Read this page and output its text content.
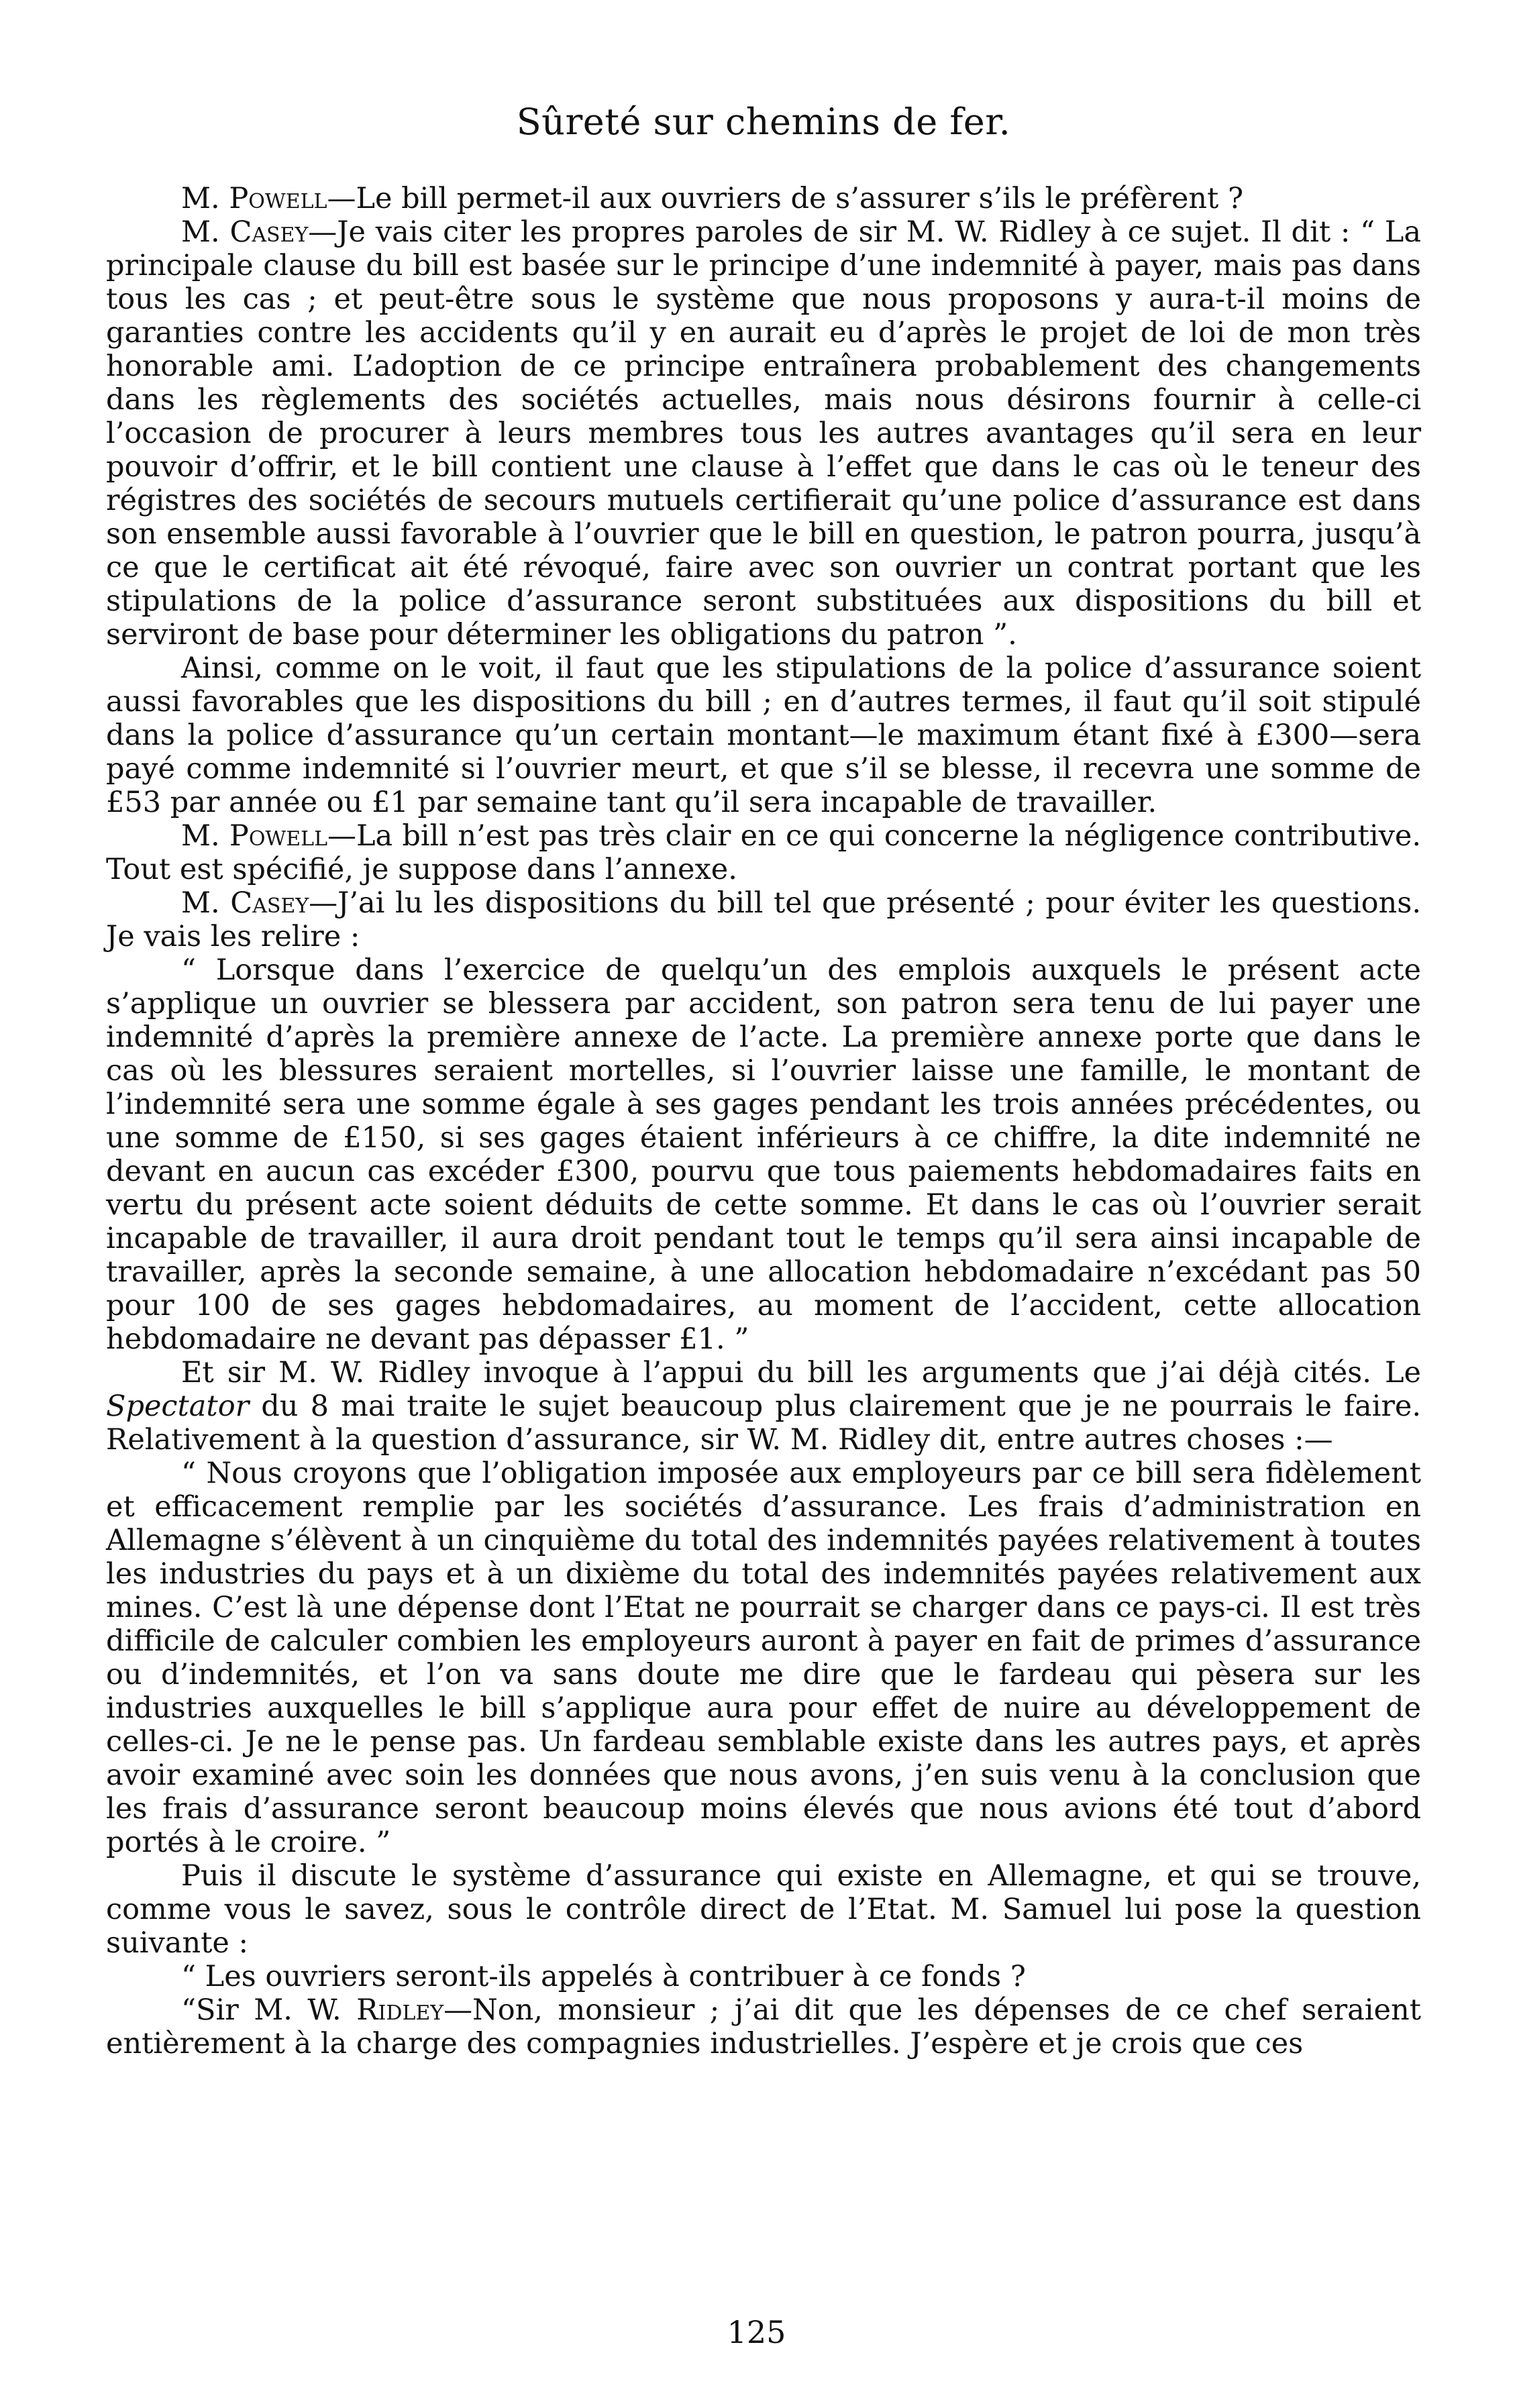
Sûreté sur chemins de fer.

M. Powell—Le bill permet-il aux ouvriers de s’assurer s’ils le préfèrent ?

M. Casey—Je vais citer les propres paroles de sir M. W. Ridley à ce sujet. Il dit : “ La principale clause du bill est basée sur le principe d’une indemnité à payer, mais pas dans tous les cas ; et peut-être sous le système que nous proposons y aura-t-il moins de garanties contre les accidents qu’il y en aurait eu d’après le projet de loi de mon très honorable ami. L’adoption de ce principe entraînera probablement des changements dans les règlements des sociétés actuelles, mais nous désirons fournir à celle-ci l’occasion de procurer à leurs membres tous les autres avantages qu’il sera en leur pouvoir d’offrir, et le bill contient une clause à l’effet que dans le cas où le teneur des régistres des sociétés de secours mutuels certifierait qu’une police d’assurance est dans son ensemble aussi favorable à l’ouvrier que le bill en question, le patron pourra, jusqu’à ce que le certificat ait été révoqué, faire avec son ouvrier un contrat portant que les stipulations de la police d’assurance seront substituées aux dispositions du bill et serviront de base pour déterminer les obligations du patron ”.

Ainsi, comme on le voit, il faut que les stipulations de la police d’assurance soient aussi favorables que les dispositions du bill ; en d’autres termes, il faut qu’il soit stipulé dans la police d’assurance qu’un certain montant—le maximum étant fixé à £300—sera payé comme indemnité si l’ouvrier meurt, et que s’il se blesse, il recevra une somme de £53 par année ou £1 par semaine tant qu’il sera incapable de travailler.

M. Powell—La bill n’est pas très clair en ce qui concerne la négligence contributive. Tout est spécifié, je suppose dans l’annexe.

M. Casey—J’ai lu les dispositions du bill tel que présenté ; pour éviter les questions. Je vais les relire :

“ Lorsque dans l’exercice de quelqu’un des emplois auxquels le présent acte s’applique un ouvrier se blessera par accident, son patron sera tenu de lui payer une indemnité d’après la première annexe de l’acte. La première annexe porte que dans le cas où les blessures seraient mortelles, si l’ouvrier laisse une famille, le montant de l’indemnité sera une somme égale à ses gages pendant les trois années précédentes, ou une somme de £150, si ses gages étaient inférieurs à ce chiffre, la dite indemnité ne devant en aucun cas excéder £300, pourvu que tous paiements hebdomadaires faits en vertu du présent acte soient déduits de cette somme. Et dans le cas où l’ouvrier serait incapable de travailler, il aura droit pendant tout le temps qu’il sera ainsi incapable de travailler, après la seconde semaine, à une allocation hebdomadaire n’excédant pas 50 pour 100 de ses gages hebdomadaires, au moment de l’accident, cette allocation hebdomadaire ne devant pas dépasser £1. ”

Et sir M. W. Ridley invoque à l’appui du bill les arguments que j’ai déjà cités. Le Spectator du 8 mai traite le sujet beaucoup plus clairement que je ne pourrais le faire. Relativement à la question d’assurance, sir W. M. Ridley dit, entre autres choses :—

“ Nous croyons que l’obligation imposée aux employeurs par ce bill sera fidèlement et efficacement remplie par les sociétés d’assurance. Les frais d’administration en Allemagne s’élèvent à un cinquième du total des indemnités payées relativement à toutes les industries du pays et à un dixième du total des indemnités payées relativement aux mines. C’est là une dépense dont l’Etat ne pourrait se charger dans ce pays-ci. Il est très difficile de calculer combien les employeurs auront à payer en fait de primes d’assurance ou d’indemnités, et l’on va sans doute me dire que le fardeau qui pèsera sur les industries auxquelles le bill s’applique aura pour effet de nuire au développement de celles-ci. Je ne le pense pas. Un fardeau semblable existe dans les autres pays, et après avoir examiné avec soin les données que nous avons, j’en suis venu à la conclusion que les frais d’assurance seront beaucoup moins élevés que nous avions été tout d’abord portés à le croire. ”

Puis il discute le système d’assurance qui existe en Allemagne, et qui se trouve, comme vous le savez, sous le contrôle direct de l’Etat. M. Samuel lui pose la question suivante :

“ Les ouvriers seront-ils appelés à contribuer à ce fonds ?

“Sir M. W. Ridley—Non, monsieur ; j’ai dit que les dépenses de ce chef seraient entièrement à la charge des compagnies industrielles. J’espère et je crois que ces

125
